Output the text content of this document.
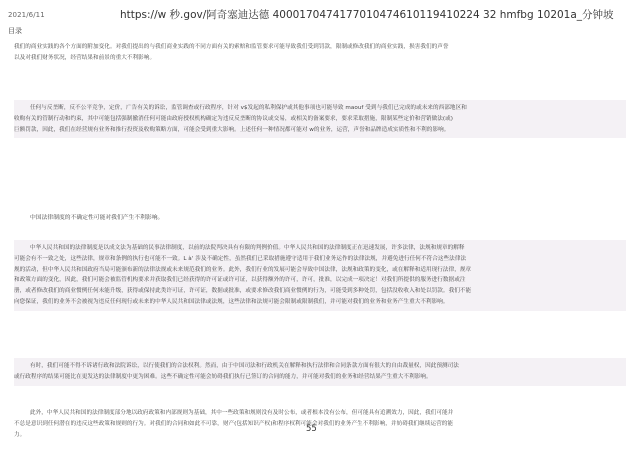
2021/6/11	https://w 秒.gov/阿奇塞迪达德 4000170474177010474610119410224 32 hmfbg 10201a_分钟坡
目录
我们的商业实践的各个方面的附加变化。对我们提出的与我们商业实践的不同方面有关的索赔和监管要求可能导致我们受到罚款，限制或修改我们的商业实践，损害我们的声誉
以及对我们财务状况，经营结果和前景的重大不利影响。
任何与反垄断，反不公平竞争，定价，广告有关的诉讼，监管调查或行政程序，针对 v$发起的私利保护或其他事项也可能导致 maouf 受到与我们已完成的或未来的西部地区和
收购有关的管制行动和约束，其中可能包括强制撤消任何可能由政府授权机构确定为违反反垄断的协议或交易，或相关的备案要求，要求采取措施，限制某些定价和营销做法(或)
巨额罚款，因此，我们在经营规有业务和推行投资及收购策略方面，可能会受到重大影响。上述任何一种情况都可能对 w的业务，运营，声誉和品牌造成实质性和不利的影响。
中国法律制度的不确定性可能对我们产生不利影响。
中华人民共和国的法律制度是以成文法为基础的民事法律制度，以前的法院判决具有有限的判例价值。中华人民共和国的法律制度正在迅速发展，许多法律，法规和规章的解释
可能会有不一致之处，这些法律，规章和条例的执行也可能不一致。L à' 涉及不确定性，虽然我们已采取措施遵守适用于我们业务运作的法律法规，并避免进行任何不符合这些法律法
规的活动，但中华人民共和国政府当局可能颁布新的法律法规或未来规范我们的业务。此外，我们行业的发展可能会导致中国法律，法规和政策的变化，或在解释和适用现行法律，规章
和政策方面的变化，因此，我们可能会被监管机构要求并获取我们已经获得的许可证或许可证，以获得额外的许可，许可，批准，以完成一项决定！对我们所提供的服务进行数据或注
册，或者修改我们的商业惯例任何未能升级，获得或保持此类许可证，许可证，数据或批准，或要求修改我们商业惯例的行为，可能受到多种处罚，包括没收收入和处以罚款。我们不能
向您保证，我们的业务不会被视为违反任何现行或未来的中华人民共和国法律或法规，这些法律和法规可能会限制或限制我们，并可能对我们的业务和业务产生重大不利影响。
有时，我们可能不得不诉诸行政和法院诉讼，以行使我们的合法权利。然而，由于中国司法和行政机关在解释和执行法律和合同条款方面有很大的自由裁量权，因此预测司法
或行政程序的结果可能比在更发达的法律制度中更为困难。这些不确定性可能会妨碍我们执行已签订的合同的能力，并可能对我们的业务和经营结果产生重大不利影响。
此外，中华人民共和国的法律制度部分地以政府政策和内部规则为基础，其中一些政策和规则没有及时公布，或者根本没有公布，但可能具有追溯效力，因此，我们可能并
不总是意识到任何潜在的违反这些政策和规则的行为。对我们的合同和如此不可靠，财产(包括知识产权)和程序权利可能会对我们的业务产生不利影响，并妨碍我们继续运营的能
力。
55
